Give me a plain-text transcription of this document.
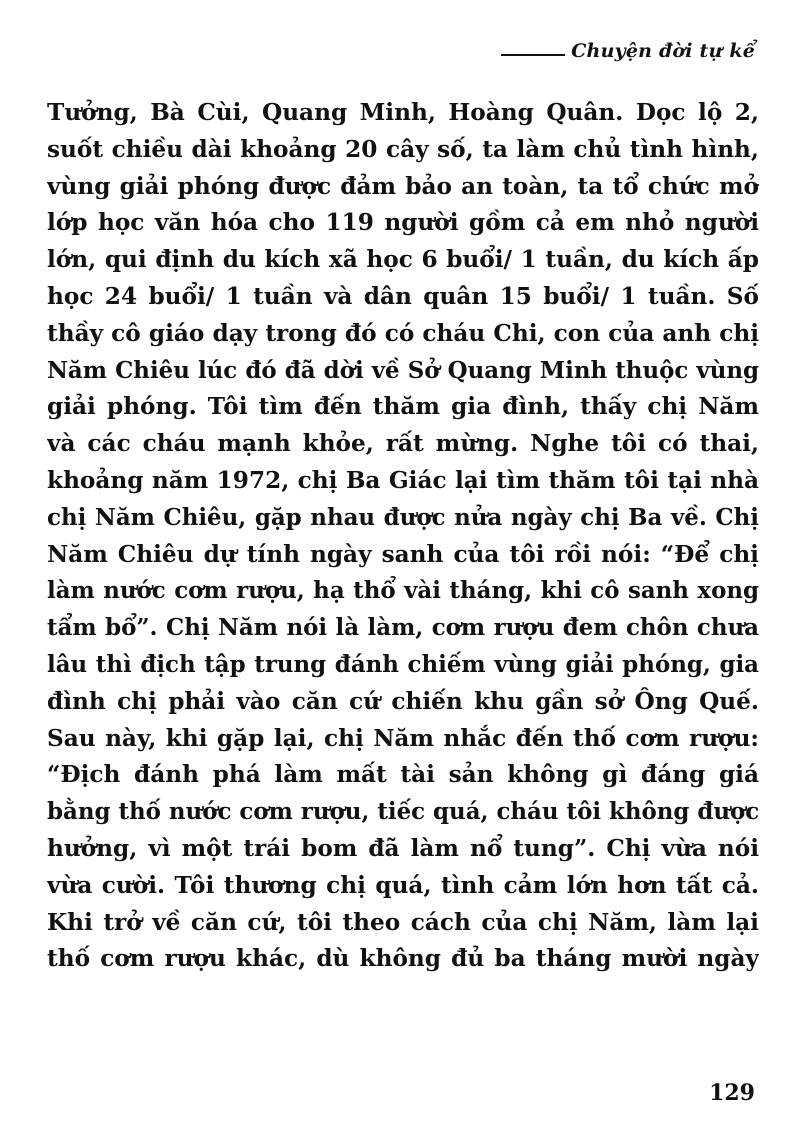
Chuyện đời tự kể
Tưởng, Bà Cùi, Quang Minh, Hoàng Quân. Dọc lộ 2,
suốt chiều dài khoảng 20 cây số, ta làm chủ tình hình,
vùng giải phóng được đảm bảo an toàn, ta tổ chức mở
lớp học văn hóa cho 119 người gồm cả em nhỏ người
lớn, qui định du kích xã học 6 buổi/ 1 tuần, du kích ấp
học 24 buổi/ 1 tuần và dân quân 15 buổi/ 1 tuần. Số
thầy cô giáo dạy trong đó có cháu Chi, con của anh chị
Năm Chiêu lúc đó đã dời về Sở Quang Minh thuộc vùng
giải phóng. Tôi tìm đến thăm gia đình, thấy chị Năm
và các cháu mạnh khỏe, rất mừng. Nghe tôi có thai,
khoảng năm 1972, chị Ba Giác lại tìm thăm tôi tại nhà
chị Năm Chiêu, gặp nhau được nửa ngày chị Ba về. Chị
Năm Chiêu dự tính ngày sanh của tôi rồi nói: “Để chị
làm nước cơm rượu, hạ thổ vài tháng, khi cô sanh xong
tẩm bổ”. Chị Năm nói là làm, cơm rượu đem chôn chưa
lâu thì địch tập trung đánh chiếm vùng giải phóng, gia
đình chị phải vào căn cứ chiến khu gần sở Ông Quế.
Sau này, khi gặp lại, chị Năm nhắc đến thố cơm rượu:
“Địch đánh phá làm mất tài sản không gì đáng giá
bằng thố nước cơm rượu, tiếc quá, cháu tôi không được
hưởng, vì một trái bom đã làm nổ tung”. Chị vừa nói
vừa cười. Tôi thương chị quá, tình cảm lớn hơn tất cả.
Khi trở về căn cứ, tôi theo cách của chị Năm, làm lại
thố cơm rượu khác, dù không đủ ba tháng mười ngày
129
